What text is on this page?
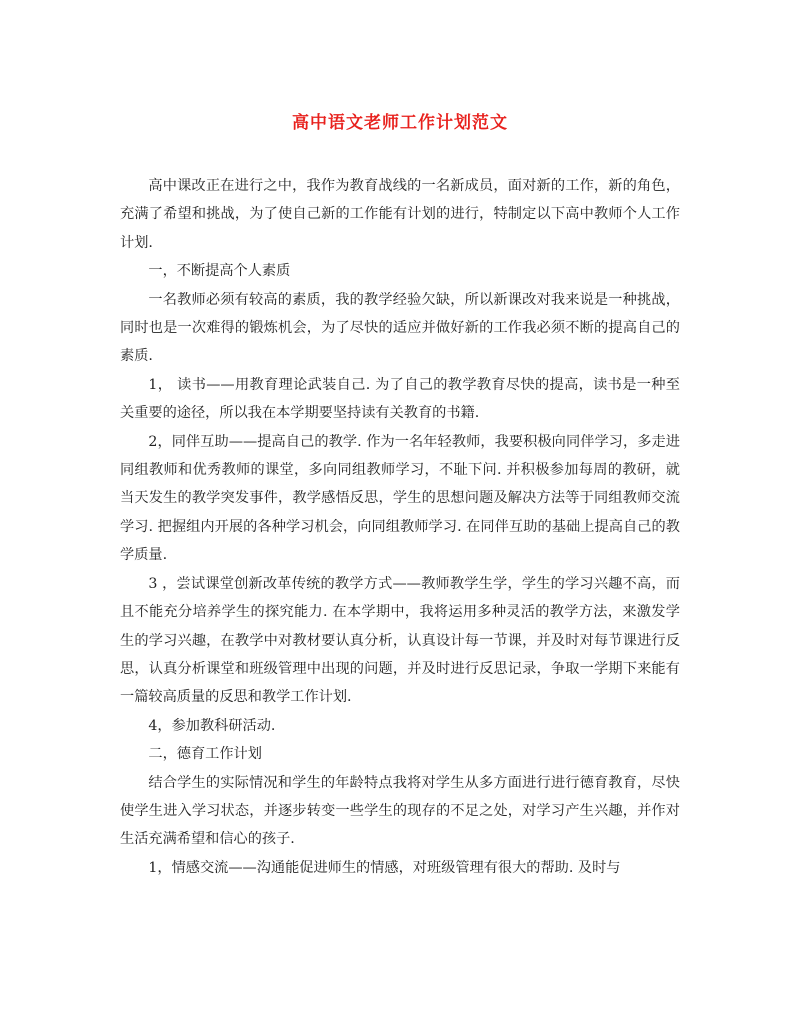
高中语文老师工作计划范文

高中课改正在进行之中，我作为教育战线的一名新成员，面对新的工作，新的角色，充满了希望和挑战，为了使自己新的工作能有计划的进行，特制定以下高中教师个人工作计划.

一，不断提高个人素质

一名教师必须有较高的素质，我的教学经验欠缺，所以新课改对我来说是一种挑战，同时也是一次难得的锻炼机会，为了尽快的适应并做好新的工作我必须不断的提高自己的素质.

1， 读书——用教育理论武装自己. 为了自己的教学教育尽快的提高，读书是一种至关重要的途径，所以我在本学期要坚持读有关教育的书籍.

2，同伴互助——提高自己的教学. 作为一名年轻教师，我要积极向同伴学习，多走进同组教师和优秀教师的课堂，多向同组教师学习，不耻下问. 并积极参加每周的教研，就当天发生的教学突发事件，教学感悟反思，学生的思想问题及解决方法等于同组教师交流学习. 把握组内开展的各种学习机会，向同组教师学习. 在同伴互助的基础上提高自己的教学质量.

3 ，尝试课堂创新改革传统的教学方式——教师教学生学，学生的学习兴趣不高，而且不能充分培养学生的探究能力. 在本学期中，我将运用多种灵活的教学方法，来激发学生的学习兴趣，在教学中对教材要认真分析，认真设计每一节课，并及时对每节课进行反思，认真分析课堂和班级管理中出现的问题，并及时进行反思记录，争取一学期下来能有一篇较高质量的反思和教学工作计划.

4，参加教科研活动.

二，德育工作计划

结合学生的实际情况和学生的年龄特点我将对学生从多方面进行进行德育教育，尽快使学生进入学习状态，并逐步转变一些学生的现存的不足之处，对学习产生兴趣，并作对生活充满希望和信心的孩子.

1，情感交流——沟通能促进师生的情感，对班级管理有很大的帮助. 及时与
